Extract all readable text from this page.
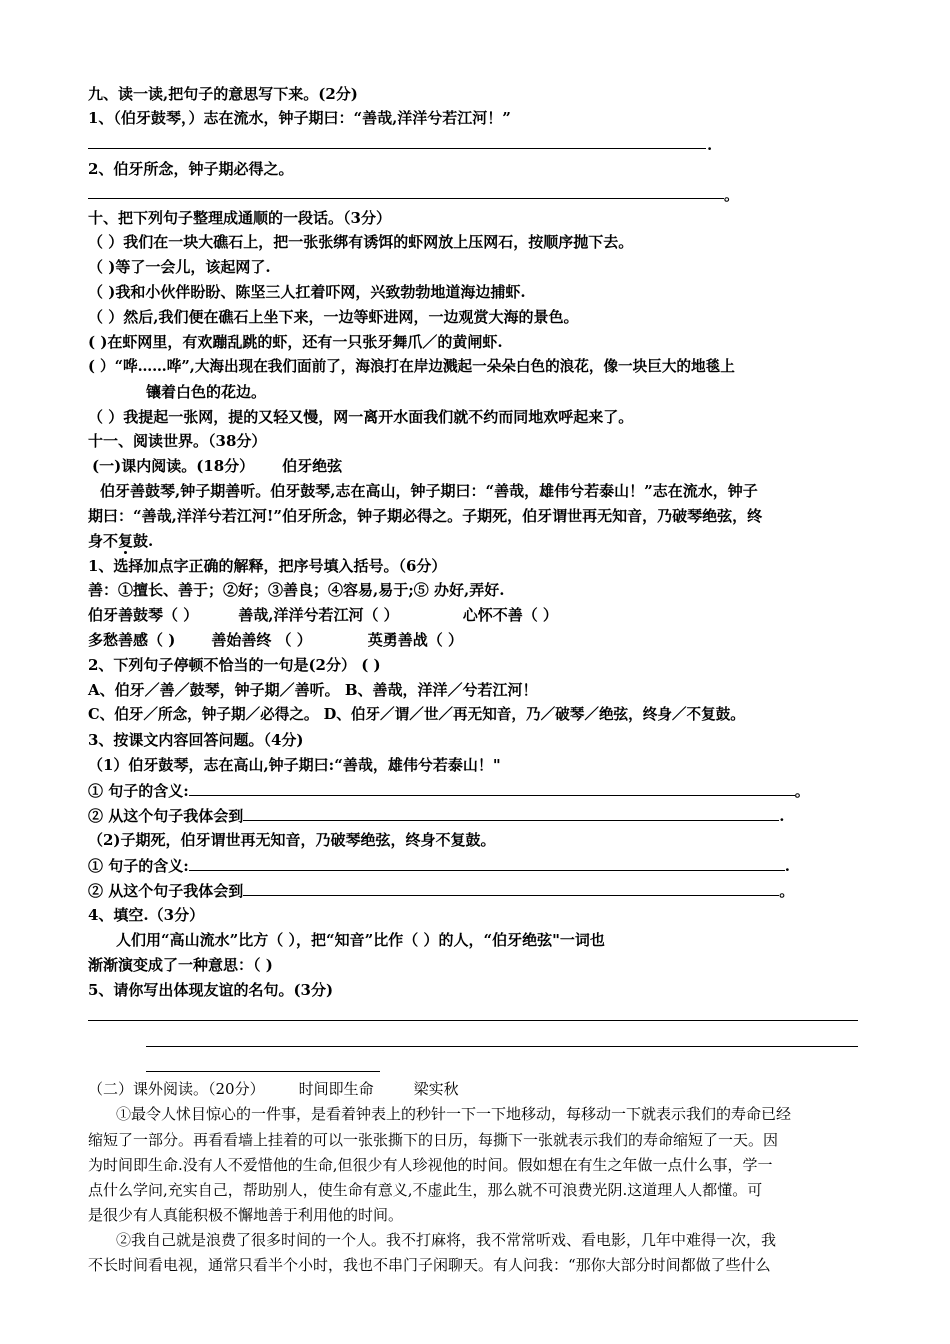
九、读一读,把句子的意思写下来。(2分)
1、（伯牙鼓琴，）志在流水，钟子期曰：“善哉,洋洋兮若江河！”
.
2、伯牙所念，钟子期必得之。
。
十、把下列句子整理成通顺的一段话。（3分）
（ ）我们在一块大礁石上，把一张张绑有诱饵的虾网放上压网石，按顺序抛下去。
（ )等了一会儿，该起网了.
（ )我和小伙伴盼盼、陈坚三人扛着吓网，兴致勃勃地道海边捕虾.
（ ）然后,我们便在礁石上坐下来，一边等虾进网，一边观赏大海的景色。
( )在虾网里，有欢蹦乱跳的虾，还有一只张牙舞爪／的黄闸虾.
( ）“哗……哗”,大海出现在我们面前了，海浪打在岸边溅起一朵朵白色的浪花，像一块巨大的地毯上
镶着白色的花边。
（ ）我提起一张网，提的又轻又慢，网一离开水面我们就不约而同地欢呼起来了。
十一、阅读世界。（38分）
(一)课内阅读。(18分） 伯牙绝弦
伯牙善鼓琴,钟子期善听。伯牙鼓琴,志在高山，钟子期曰：“善哉，雄伟兮若泰山！”志在流水，钟子
期曰：“善哉,洋洋兮若江河!”伯牙所念，钟子期必得之。子期死，伯牙谓世再无知音，乃破琴绝弦，终
身不复鼓.
1、选择加点字正确的解释，把序号填入括号。（6分）
善：①擅长、善于；②好；③善良；④容易,易于;⑤ 办好,弄好.
伯牙善鼓琴（ ）	善哉,洋洋兮若江河（ ）	心怀不善（ ）
多愁善感（ ) 善始善终 （ ）	英勇善战（ ）
2、下列句子停顿不恰当的一句是(2分） ( )
A、伯牙／善／鼓琴，钟子期／善听。 B、善哉，洋洋／兮若江河！
C、伯牙／所念，钟子期／必得之。 D、伯牙／谓／世／再无知音，乃／破琴／绝弦，终身／不复鼓。
3、按课文内容回答问题。（4分)
（1）伯牙鼓琴，志在高山,钟子期曰:“善哉，雄伟兮若泰山！"
① 句子的含义:	。
② 从这个句子我体会到	.
（2)子期死，伯牙谓世再无知音，乃破琴绝弦，终身不复鼓。
① 句子的含义:	.
② 从这个句子我体会到	。
4、填空.（3分）
人们用“高山流水”比方（ ），把“知音”比作（ ）的人，“伯牙绝弦"一词也
渐渐演变成了一种意思：（ )
5、请你写出体现友谊的名句。(3分)
（二）课外阅读。（20分） 时间即生命	梁实秋
①最令人怵目惊心的一件事，是看着钟表上的秒针一下一下地移动，每移动一下就表示我们的寿命已经
缩短了一部分。再看看墙上挂着的可以一张张撕下的日历，每撕下一张就表示我们的寿命缩短了一天。因
为时间即生命.没有人不爱惜他的生命,但很少有人珍视他的时间。假如想在有生之年做一点什么事，学一
点什么学问,充实自己，帮助别人，使生命有意义,不虚此生，那么就不可浪费光阴.这道理人人都懂。可
是很少有人真能积极不懈地善于利用他的时间。
②我自己就是浪费了很多时间的一个人。我不打麻将，我不常常听戏、看电影，几年中难得一次，我
不长时间看电视，通常只看半个小时，我也不串门子闲聊天。有人问我：“那你大部分时间都做了些什么
